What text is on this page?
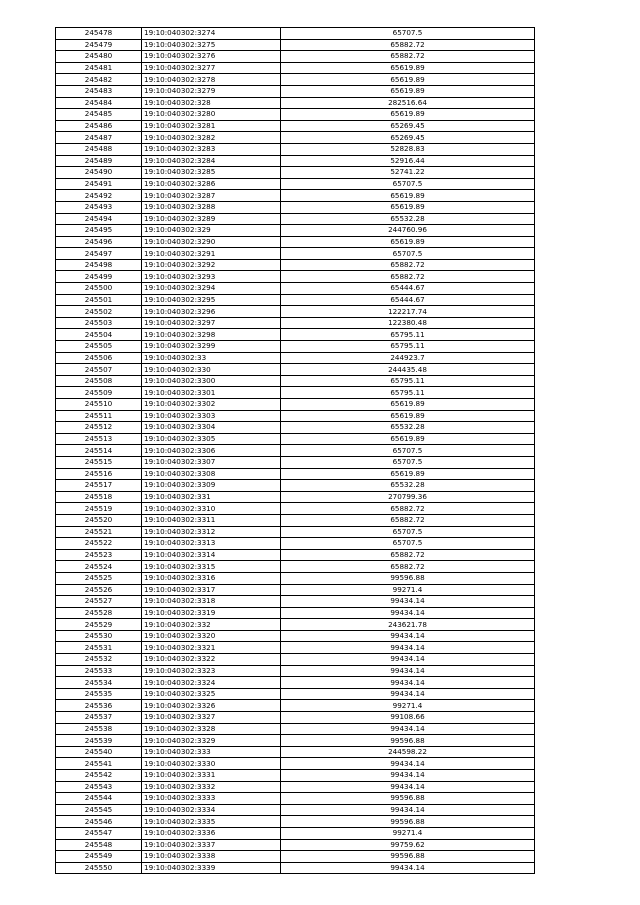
245478	19:10:040302:3274	65707.5
245479	19:10:040302:3275	65882.72
245480	19:10:040302:3276	65882.72
245481	19:10:040302:3277	65619.89
245482	19:10:040302:3278	65619.89
245483	19:10:040302:3279	65619.89
245484	19:10:040302:328	282516.64
245485	19:10:040302:3280	65619.89
245486	19:10:040302:3281	65269.45
245487	19:10:040302:3282	65269.45
245488	19:10:040302:3283	52828.83
245489	19:10:040302:3284	52916.44
245490	19:10:040302:3285	52741.22
245491	19:10:040302:3286	65707.5
245492	19:10:040302:3287	65619.89
245493	19:10:040302:3288	65619.89
245494	19:10:040302:3289	65532.28
245495	19:10:040302:329	244760.96
245496	19:10:040302:3290	65619.89
245497	19:10:040302:3291	65707.5
245498	19:10:040302:3292	65882.72
245499	19:10:040302:3293	65882.72
245500	19:10:040302:3294	65444.67
245501	19:10:040302:3295	65444.67
245502	19:10:040302:3296	122217.74
245503	19:10:040302:3297	122380.48
245504	19:10:040302:3298	65795.11
245505	19:10:040302:3299	65795.11
245506	19:10:040302:33	244923.7
245507	19:10:040302:330	244435.48
245508	19:10:040302:3300	65795.11
245509	19:10:040302:3301	65795.11
245510	19:10:040302:3302	65619.89
245511	19:10:040302:3303	65619.89
245512	19:10:040302:3304	65532.28
245513	19:10:040302:3305	65619.89
245514	19:10:040302:3306	65707.5
245515	19:10:040302:3307	65707.5
245516	19:10:040302:3308	65619.89
245517	19:10:040302:3309	65532.28
245518	19:10:040302:331	270799.36
245519	19:10:040302:3310	65882.72
245520	19:10:040302:3311	65882.72
245521	19:10:040302:3312	65707.5
245522	19:10:040302:3313	65707.5
245523	19:10:040302:3314	65882.72
245524	19:10:040302:3315	65882.72
245525	19:10:040302:3316	99596.88
245526	19:10:040302:3317	99271.4
245527	19:10:040302:3318	99434.14
245528	19:10:040302:3319	99434.14
245529	19:10:040302:332	243621.78
245530	19:10:040302:3320	99434.14
245531	19:10:040302:3321	99434.14
245532	19:10:040302:3322	99434.14
245533	19:10:040302:3323	99434.14
245534	19:10:040302:3324	99434.14
245535	19:10:040302:3325	99434.14
245536	19:10:040302:3326	99271.4
245537	19:10:040302:3327	99108.66
245538	19:10:040302:3328	99434.14
245539	19:10:040302:3329	99596.88
245540	19:10:040302:333	244598.22
245541	19:10:040302:3330	99434.14
245542	19:10:040302:3331	99434.14
245543	19:10:040302:3332	99434.14
245544	19:10:040302:3333	99596.88
245545	19:10:040302:3334	99434.14
245546	19:10:040302:3335	99596.88
245547	19:10:040302:3336	99271.4
245548	19:10:040302:3337	99759.62
245549	19:10:040302:3338	99596.88
245550	19:10:040302:3339	99434.14
